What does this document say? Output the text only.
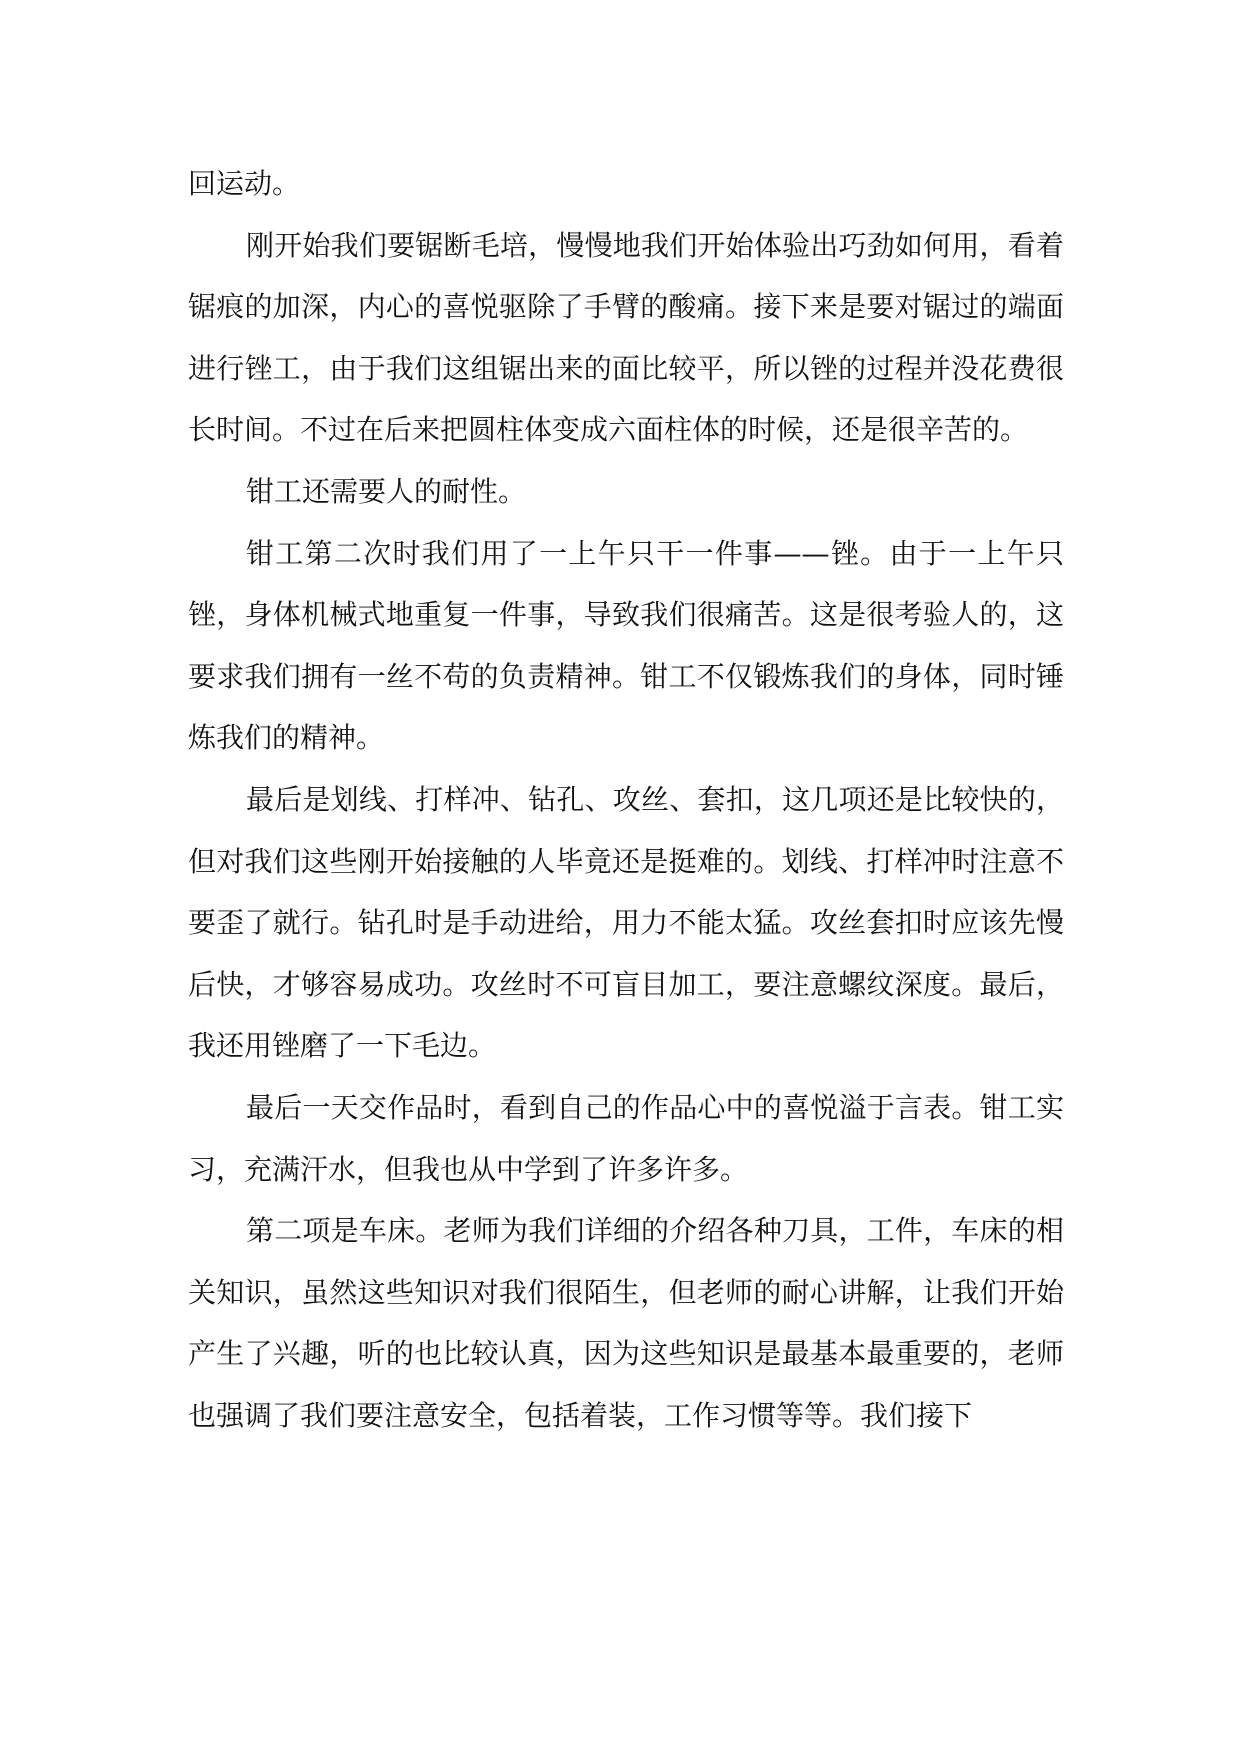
回运动。

刚开始我们要锯断毛培，慢慢地我们开始体验出巧劲如何用，看着锯痕的加深，内心的喜悦驱除了手臂的酸痛。接下来是要对锯过的端面进行锉工，由于我们这组锯出来的面比较平，所以锉的过程并没花费很长时间。不过在后来把圆柱体变成六面柱体的时候，还是很辛苦的。

钳工还需要人的耐性。

钳工第二次时我们用了一上午只干一件事——锉。由于一上午只锉，身体机械式地重复一件事，导致我们很痛苦。这是很考验人的，这要求我们拥有一丝不苟的负责精神。钳工不仅锻炼我们的身体，同时锤炼我们的精神。

最后是划线、打样冲、钻孔、攻丝、套扣，这几项还是比较快的，但对我们这些刚开始接触的人毕竟还是挺难的。划线、打样冲时注意不要歪了就行。钻孔时是手动进给，用力不能太猛。攻丝套扣时应该先慢后快，才够容易成功。攻丝时不可盲目加工，要注意螺纹深度。最后，我还用锉磨了一下毛边。

最后一天交作品时，看到自己的作品心中的喜悦溢于言表。钳工实习，充满汗水，但我也从中学到了许多许多。

第二项是车床。老师为我们详细的介绍各种刀具，工件，车床的相关知识，虽然这些知识对我们很陌生，但老师的耐心讲解，让我们开始产生了兴趣，听的也比较认真，因为这些知识是最基本最重要的，老师也强调了我们要注意安全，包括着装，工作习惯等等。我们接下
